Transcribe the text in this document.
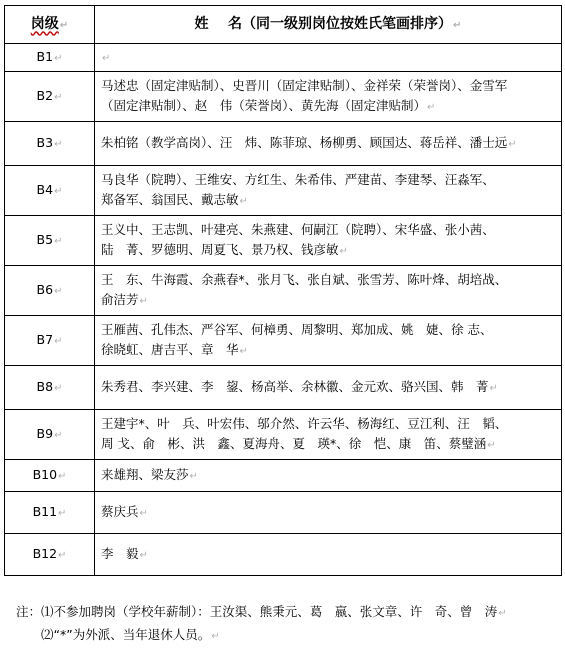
岗级↵	姓    名（同一级别岗位按姓氏笔画排序）↵
B1↵	↵

B2↵	马述忠（固定津贴制）、史晋川（固定津贴制）、金祥荣（荣誉岗）、金雪军
（固定津贴制）、赵　伟（荣誉岗）、黄先海（固定津贴制）↵

B3↵	朱柏铭（教学高岗）、汪　炜、陈菲琼、杨柳勇、顾国达、蒋岳祥、潘士远↵

B4↵	马良华（院聘）、王维安、方红生、朱希伟、严建苗、李建琴、汪淼军、
郑备军、翁国民、戴志敏↵

B5↵	王义中、王志凯、叶建亮、朱燕建、何嗣江（院聘）、宋华盛、张小茜、
陆　菁、罗德明、周夏飞、景乃权、钱彦敏↵

B6↵	王　东、牛海霞、余燕春*、张月飞、张自斌、张雪芳、陈叶烽、胡培战、
俞洁芳↵

B7↵	王雁茜、孔伟杰、严谷军、何樟勇、周黎明、郑加成、姚　婕、徐 志、
徐晓虹、唐吉平、章　华↵

B8↵	朱秀君、李兴建、李　鋆、杨高举、余林徽、金元欢、骆兴国、韩　菁↵

B9↵	王建宇*、叶　兵、叶宏伟、邬介然、许云华、杨海红、豆江利、汪　韬、
周 戈、俞　彬、洪　鑫、夏海舟、夏　瑛*、徐　恺、康　笛、蔡璧涵↵

B10↵	来雄翔、梁友莎↵

B11↵	蔡庆兵↵

B12↵	李　毅↵
注：⑴不参加聘岗（学校年薪制）：王汝渠、熊秉元、葛　嬴、张文章、许　奇、曾　涛↵
⑵“*”为外派、当年退休人员。↵
